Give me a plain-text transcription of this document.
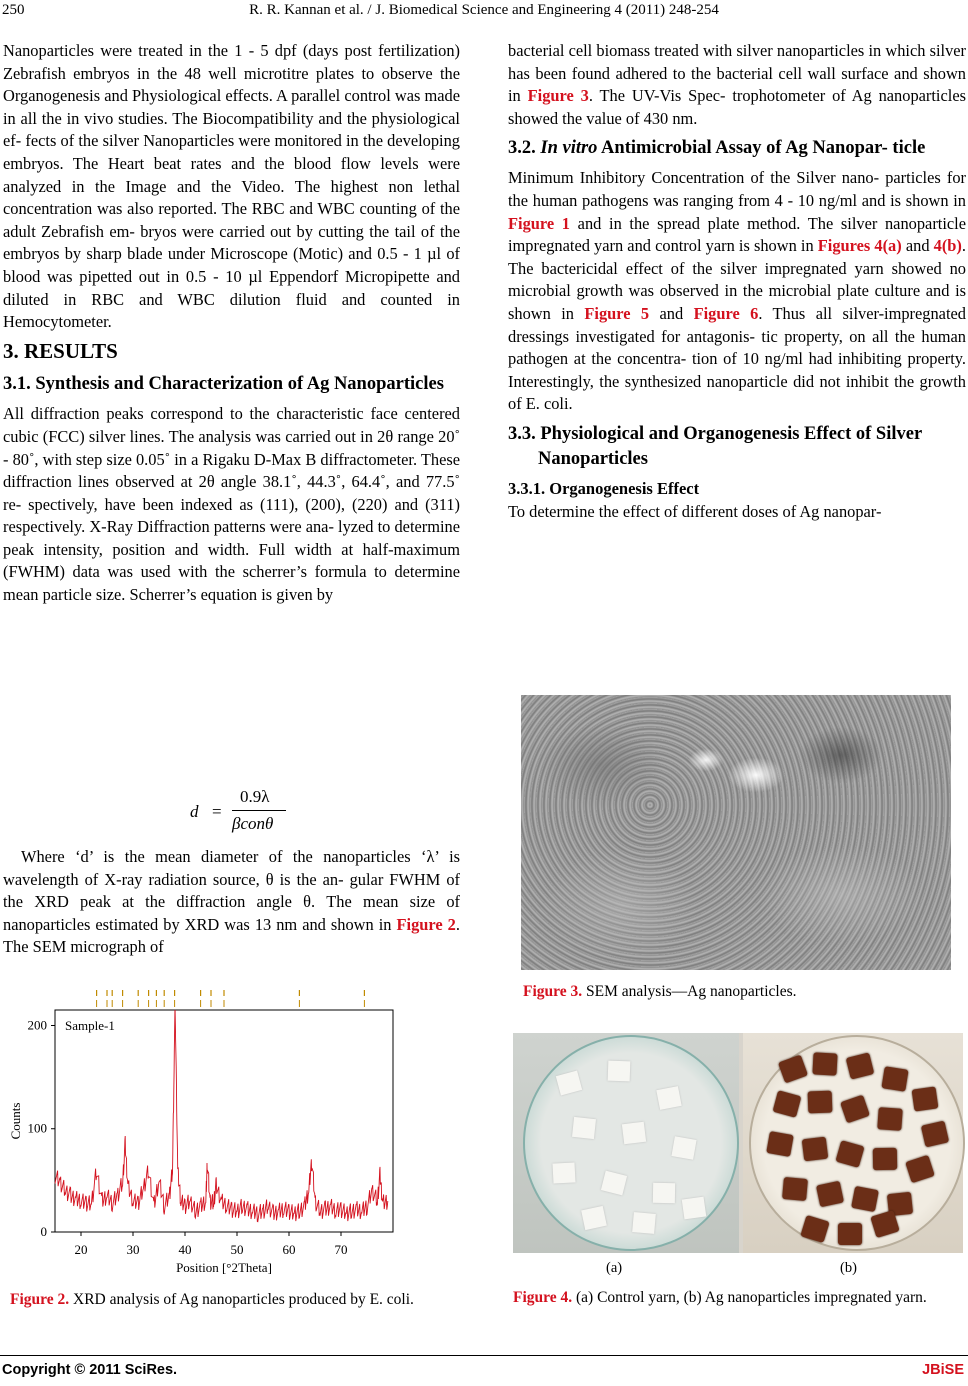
250	R. R. Kannan et al. / J. Biomedical Science and Engineering 4 (2011) 248-254

Nanoparticles were treated in the 1 - 5 dpf (days post fertilization) Zebrafish embryos in the 48 well microtitre plates to observe the Organogenesis and Physiological effects. A parallel control was made in all the in vivo studies. The Biocompatibility and the physiological ef- fects of the silver Nanoparticles were monitored in the developing embryos. The Heart beat rates and the blood flow levels were analyzed in the Image and the Video. The highest non lethal concentration was also reported. The RBC and WBC counting of the adult Zebrafish em- bryos were carried out by cutting the tail of the embryos by sharp blade under Microscope (Motic) and 0.5 - 1 µl of blood was pipetted out in 0.5 - 10 µl Eppendorf Micropipette and diluted in RBC and WBC dilution fluid and counted in Hemocytometer.

3. RESULTS
3.1. Synthesis and Characterization of Ag Nanoparticles

All diffraction peaks correspond to the characteristic face centered cubic (FCC) silver lines. The analysis was carried out in 2θ range 20˚ - 80˚, with step size 0.05˚ in a Rigaku D-Max B diffractometer. These diffraction lines observed at 2θ angle 38.1˚, 44.3˚, 64.4˚, and 77.5˚ re- spectively, have been indexed as (111), (200), (220) and (311) respectively. X-Ray Diffraction patterns were ana- lyzed to determine peak intensity, position and width. Full width at half-maximum (FWHM) data was used with the scherrer’s formula to determine mean particle size. Scherrer’s equation is given by

d =
0.9λ
βconθ

Where ‘d’ is the mean diameter of the nanoparticles ‘λ’ is wavelength of X-ray radiation source, θ is the an- gular FWHM of the XRD peak at the diffraction angle θ. The mean size of nanoparticles estimated by XRD was 13 nm and shown in Figure 2. The SEM micrograph of

20	30	40	50	60	70
0
100
200
Position [°2Theta]
Counts
Sample-1
Figure 2. XRD analysis of Ag nanoparticles produced by E. coli.

bacterial cell biomass treated with silver nanoparticles in which silver has been found adhered to the bacterial cell wall surface and shown in Figure 3. The UV-Vis Spec- trophotometer of Ag nanoparticles showed the value of 430 nm.

3.2. In vitro Antimicrobial Assay of Ag Nanopar- ticle

Minimum Inhibitory Concentration of the Silver nano- particles for the human pathogens was ranging from 4 - 10 ng/ml and is shown in Figure 1 and in the spread plate method. The silver nanoparticle impregnated yarn and control yarn is shown in Figures 4(a) and 4(b). The bactericidal effect of the silver impregnated yarn showed no microbial growth was observed in the microbial plate culture and is shown in Figure 5 and Figure 6. Thus all silver-impregnated dressings investigated for antagonis- tic property, on all the human pathogen at the concentra- tion of 10 ng/ml had inhibiting property. Interestingly, the synthesized nanoparticle did not inhibit the growth of E. coli.

3.3. Physiological and Organogenesis Effect of Silver Nanoparticles
3.3.1. Organogenesis Effect

To determine the effect of different doses of Ag nanopar-

Figure 3. SEM analysis—Ag nanoparticles.
(a)	(b)
Figure 4. (a) Control yarn, (b) Ag nanoparticles impregnated yarn.
Copyright © 2011 SciRes.	JBiSE
